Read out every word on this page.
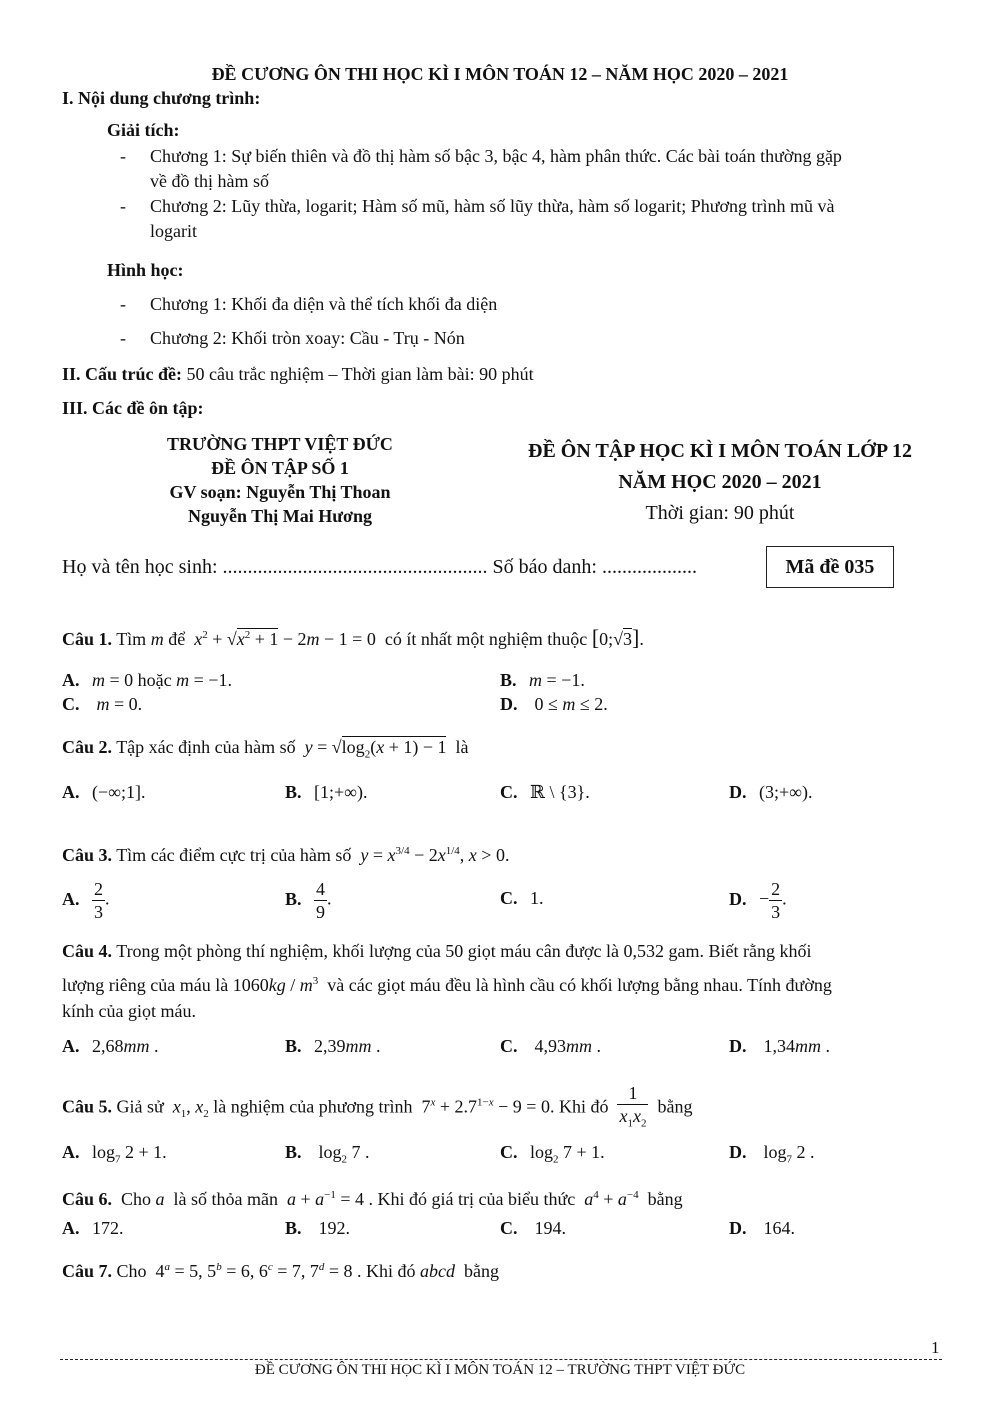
ĐỀ CƯƠNG ÔN THI HỌC KÌ I MÔN TOÁN 12 – NĂM HỌC 2020 – 2021
I. Nội dung chương trình:
Giải tích:
- Chương 1: Sự biến thiên và đồ thị hàm số bậc 3, bậc 4, hàm phân thức. Các bài toán thường gặp
về đồ thị hàm số
- Chương 2: Lũy thừa, logarit; Hàm số mũ, hàm số lũy thừa, hàm số logarit; Phương trình mũ và
logarit
Hình học:
- Chương 1: Khối đa diện và thể tích khối đa diện
- Chương 2: Khối tròn xoay: Cầu - Trụ - Nón
II. Cấu trúc đề: 50 câu trắc nghiệm – Thời gian làm bài: 90 phút
III. Các đề ôn tập:
TRƯỜNG THPT VIỆT ĐỨC
ĐỀ ÔN TẬP SỐ 1
GV soạn: Nguyễn Thị Thoan
Nguyễn Thị Mai Hương
ĐỀ ÔN TẬP HỌC KÌ I MÔN TOÁN LỚP 12
NĂM HỌC 2020 – 2021
Thời gian: 90 phút
Họ và tên học sinh: ..................................................... Số báo danh: ...................	Mã đề 035
Câu 1. Tìm m để  $x^2 + √x^2 + 1 - 2m - 1 = 0$  có ít nhất một nghiệm thuộc [0;√3].
A. m = 0 hoặc m = −1.	B. m = −1.
C. m = 0.	D.  0 ≤ m ≤ 2.
Câu 2. Tập xác định của hàm số  $y = √\log_2(x + 1) - 1$  là
A. (−∞;1].	B. [1;+∞).	C. ℝ \ {3}.	D. (3;+∞).
Câu 3. Tìm các điểm cực trị của hàm số  $y = x^{3/4} - 2x^{1/4}$, x > 0.
A. $\frac{2}{3}$ .	B. $\frac{4}{9}$ .	C. 1.	D. − $\frac{2}{3}$ .
Câu 4. Trong một phòng thí nghiệm, khối lượng của 50 giọt máu cân được là 0,532 gam. Biết rằng khối
lượng riêng của máu là $1060kg / m^3$  và các giọt máu đều là hình cầu có khối lượng bằng nhau. Tính đường
kính của giọt máu.
A. 2,68mm .	B. 2,39mm .	C.  4,93mm .	D.  1,34mm .
Câu 5. Giả sử  $x_1$, $x_2$ là nghiệm của phương trình  $7^x + 2.7^{1-x} - 9 = 0$. Khi đó $\frac{1}{x_1x_2}$ bằng
A. $\log_7 2 + 1$.	B.  $\log_2 7$ .	C. $\log_2 7 + 1$.	D.  $\log_7 2$ .
Câu 6.  Cho a  là số thỏa mãn  $a + a^{-1} = 4$ . Khi đó giá trị của biểu thức  $a^4 + a^{-4}$  bằng
A. 172.	B.  192.	C.  194.	D.  164.
Câu 7. Cho  $4^a = 5$, $5^b = 6$, $6^c = 7$, $7^d = 8$ . Khi đó abcd  bằng
1
ĐỀ CƯƠNG ÔN THI HỌC KÌ I MÔN TOÁN 12 – TRƯỜNG THPT VIỆT ĐỨC
